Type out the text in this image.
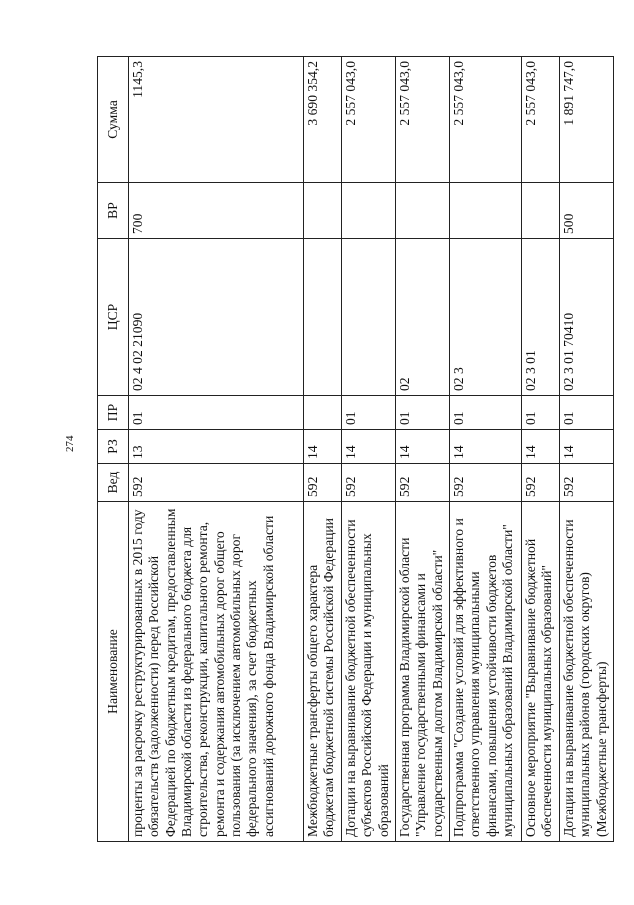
274
Наименование	Вед	РЗ	ПР	ЦСР	ВР	Сумма
проценты за расрочку реструктурированных в 2015 году обязательств (задолженности) перед Российской Федерацией по бюджетным кредитам, предоставленным Владимирской области из федерального бюджета для строительства, реконструкции, капитального ремонта, ремонта и содержания автомобильных дорог общего пользования (за исключением автомобильных дорог федерального значения), за счет бюджетных ассигнований дорожного фонда Владимирской области	592	13	01	02 4 02 21090	700	1145,3
Межбюджетные трансферты общего характера бюджетам бюджетной системы Российской Федерации	592	14				3 690 354,2
Дотации на выравнивание бюджетной обеспеченности субъектов Российской Федерации и муниципальных образований	592	14	01			2 557 043,0
Государственная программа Владимирской области "Управление государственными финансами и государственным долгом Владимирской области"	592	14	01	02		2 557 043,0
Подпрограмма "Создание условий для эффективного и ответственного управления муниципальными финансами, повышения устойчивости бюджетов муниципальных образований Владимирской области"	592	14	01	02 3		2 557 043,0
Основное мероприятие "Выравнивание бюджетной обеспеченности муниципальных образований"	592	14	01	02 3 01		2 557 043,0
Дотации на выравнивание бюджетной обеспеченности муниципальных районов (городских округов) (Межбюджетные трансферты)	592	14	01	02 3 01 70410	500	1 891 747,0
